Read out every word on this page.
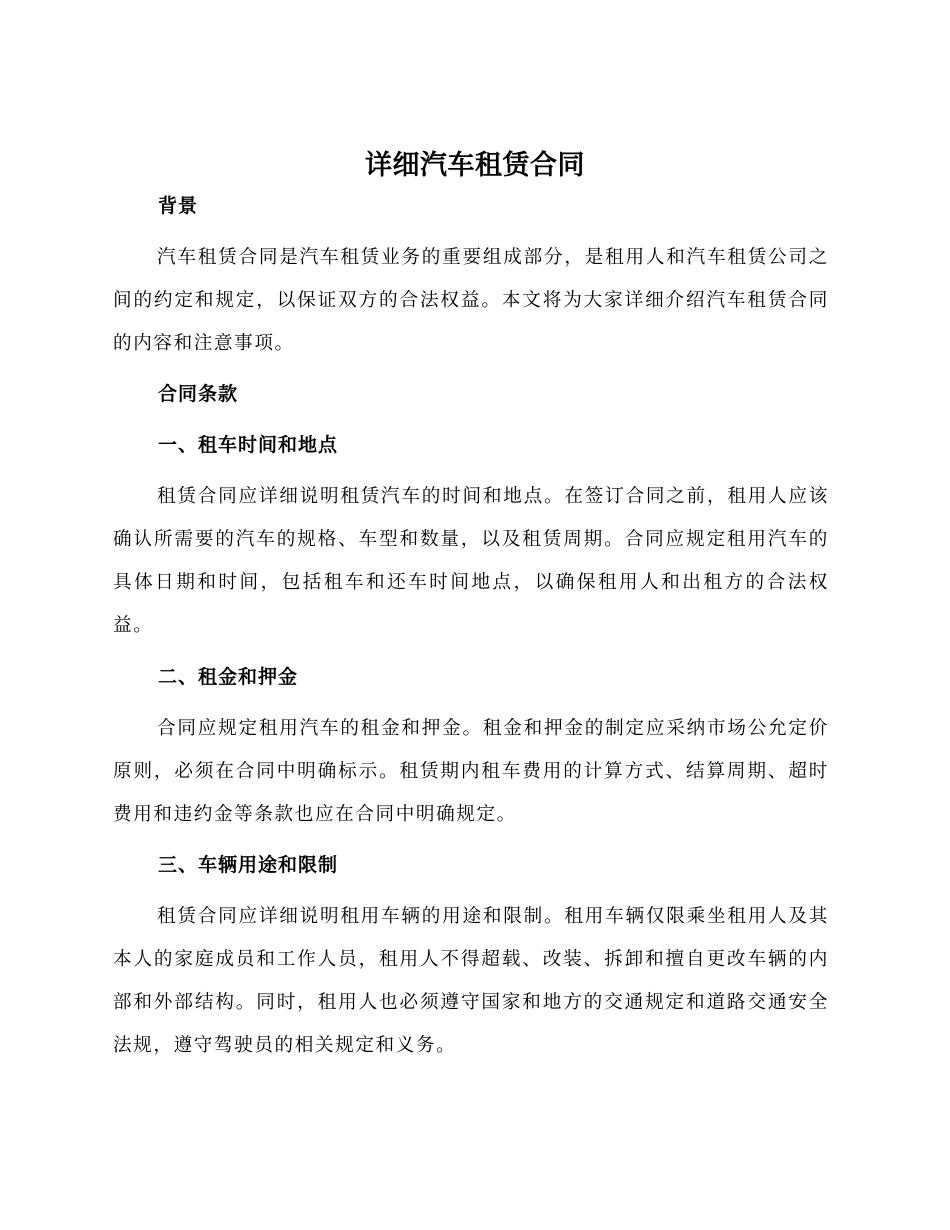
详细汽车租赁合同
背景
汽车租赁合同是汽车租赁业务的重要组成部分，是租用人和汽车租赁公司之间的约定和规定，以保证双方的合法权益。本文将为大家详细介绍汽车租赁合同的内容和注意事项。
合同条款
一、租车时间和地点
租赁合同应详细说明租赁汽车的时间和地点。在签订合同之前，租用人应该确认所需要的汽车的规格、车型和数量，以及租赁周期。合同应规定租用汽车的具体日期和时间，包括租车和还车时间地点，以确保租用人和出租方的合法权益。
二、租金和押金
合同应规定租用汽车的租金和押金。租金和押金的制定应采纳市场公允定价原则，必须在合同中明确标示。租赁期内租车费用的计算方式、结算周期、超时费用和违约金等条款也应在合同中明确规定。
三、车辆用途和限制
租赁合同应详细说明租用车辆的用途和限制。租用车辆仅限乘坐租用人及其本人的家庭成员和工作人员，租用人不得超载、改装、拆卸和擅自更改车辆的内部和外部结构。同时，租用人也必须遵守国家和地方的交通规定和道路交通安全法规，遵守驾驶员的相关规定和义务。
